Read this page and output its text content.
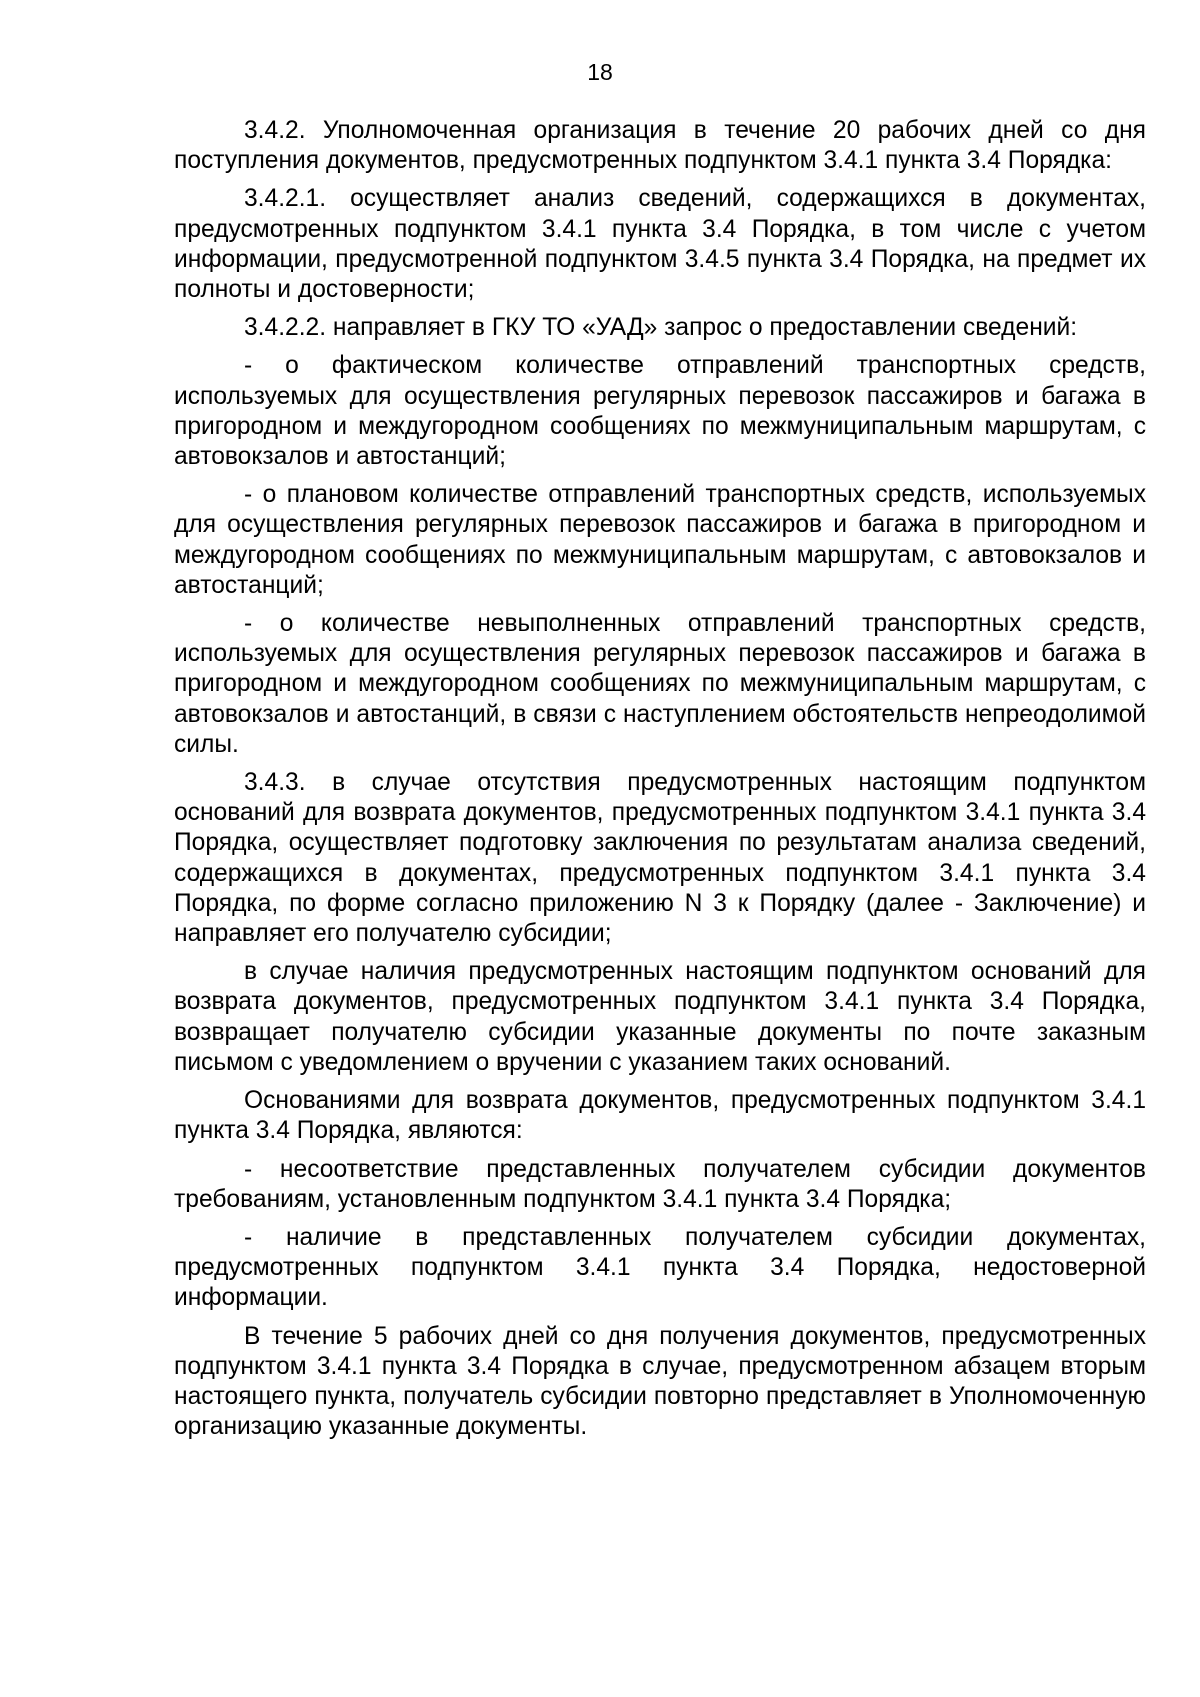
18

3.4.2. Уполномоченная организация в течение 20 рабочих дней со дня поступления документов, предусмотренных подпунктом 3.4.1 пункта 3.4 Порядка:

3.4.2.1. осуществляет анализ сведений, содержащихся в документах, предусмотренных подпунктом 3.4.1 пункта 3.4 Порядка, в том числе с учетом информации, предусмотренной подпунктом 3.4.5 пункта 3.4 Порядка, на предмет их полноты и достоверности;

3.4.2.2. направляет в ГКУ ТО «УАД» запрос о предоставлении сведений:

- о фактическом количестве отправлений транспортных средств, используемых для осуществления регулярных перевозок пассажиров и багажа в пригородном и междугородном сообщениях по межмуниципальным маршрутам, с автовокзалов и автостанций;

- о плановом количестве отправлений транспортных средств, используемых для осуществления регулярных перевозок пассажиров и багажа в пригородном и междугородном сообщениях по межмуниципальным маршрутам, с автовокзалов и автостанций;

- о количестве невыполненных отправлений транспортных средств, используемых для осуществления регулярных перевозок пассажиров и багажа в пригородном и междугородном сообщениях по межмуниципальным маршрутам, с автовокзалов и автостанций, в связи с наступлением обстоятельств непреодолимой силы.

3.4.3. в случае отсутствия предусмотренных настоящим подпунктом оснований для возврата документов, предусмотренных подпунктом 3.4.1 пункта 3.4 Порядка, осуществляет подготовку заключения по результатам анализа сведений, содержащихся в документах, предусмотренных подпунктом 3.4.1 пункта 3.4 Порядка, по форме согласно приложению N 3 к Порядку (далее - Заключение) и направляет его получателю субсидии;

в случае наличия предусмотренных настоящим подпунктом оснований для возврата документов, предусмотренных подпунктом 3.4.1 пункта 3.4 Порядка, возвращает получателю субсидии указанные документы по почте заказным письмом с уведомлением о вручении с указанием таких оснований.

Основаниями для возврата документов, предусмотренных подпунктом 3.4.1 пункта 3.4 Порядка, являются:

- несоответствие представленных получателем субсидии документов требованиям, установленным подпунктом 3.4.1 пункта 3.4 Порядка;

- наличие в представленных получателем субсидии документах, предусмотренных подпунктом 3.4.1 пункта 3.4 Порядка, недостоверной информации.

В течение 5 рабочих дней со дня получения документов, предусмотренных подпунктом 3.4.1 пункта 3.4 Порядка в случае, предусмотренном абзацем вторым настоящего пункта, получатель субсидии повторно представляет в Уполномоченную организацию указанные документы.
